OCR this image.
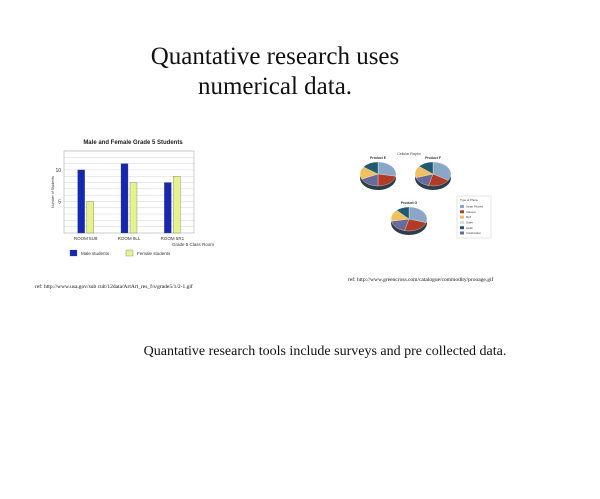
Quantative research uses
numerical data.
Male and Female Grade 5 Students
5
10
Number of Students
ROOM 5U8	ROOM 9LL	ROOM 5R1
Grade 5 Class Room
Male students	Female students
Cellular Rayfor
Product E	Product F
Product G
Type of Phone
Smart Phones
Camera
Mp3
Other
Audio
Combination
ref: http://www.usa.gov/sub cult/12data/ArtArt_res_f/s/grade5/1/2-1.gif
ref: http://www.greencross.com/catalogue/commodity/prooage.gif
Quantative research tools include surveys and pre collected data.
